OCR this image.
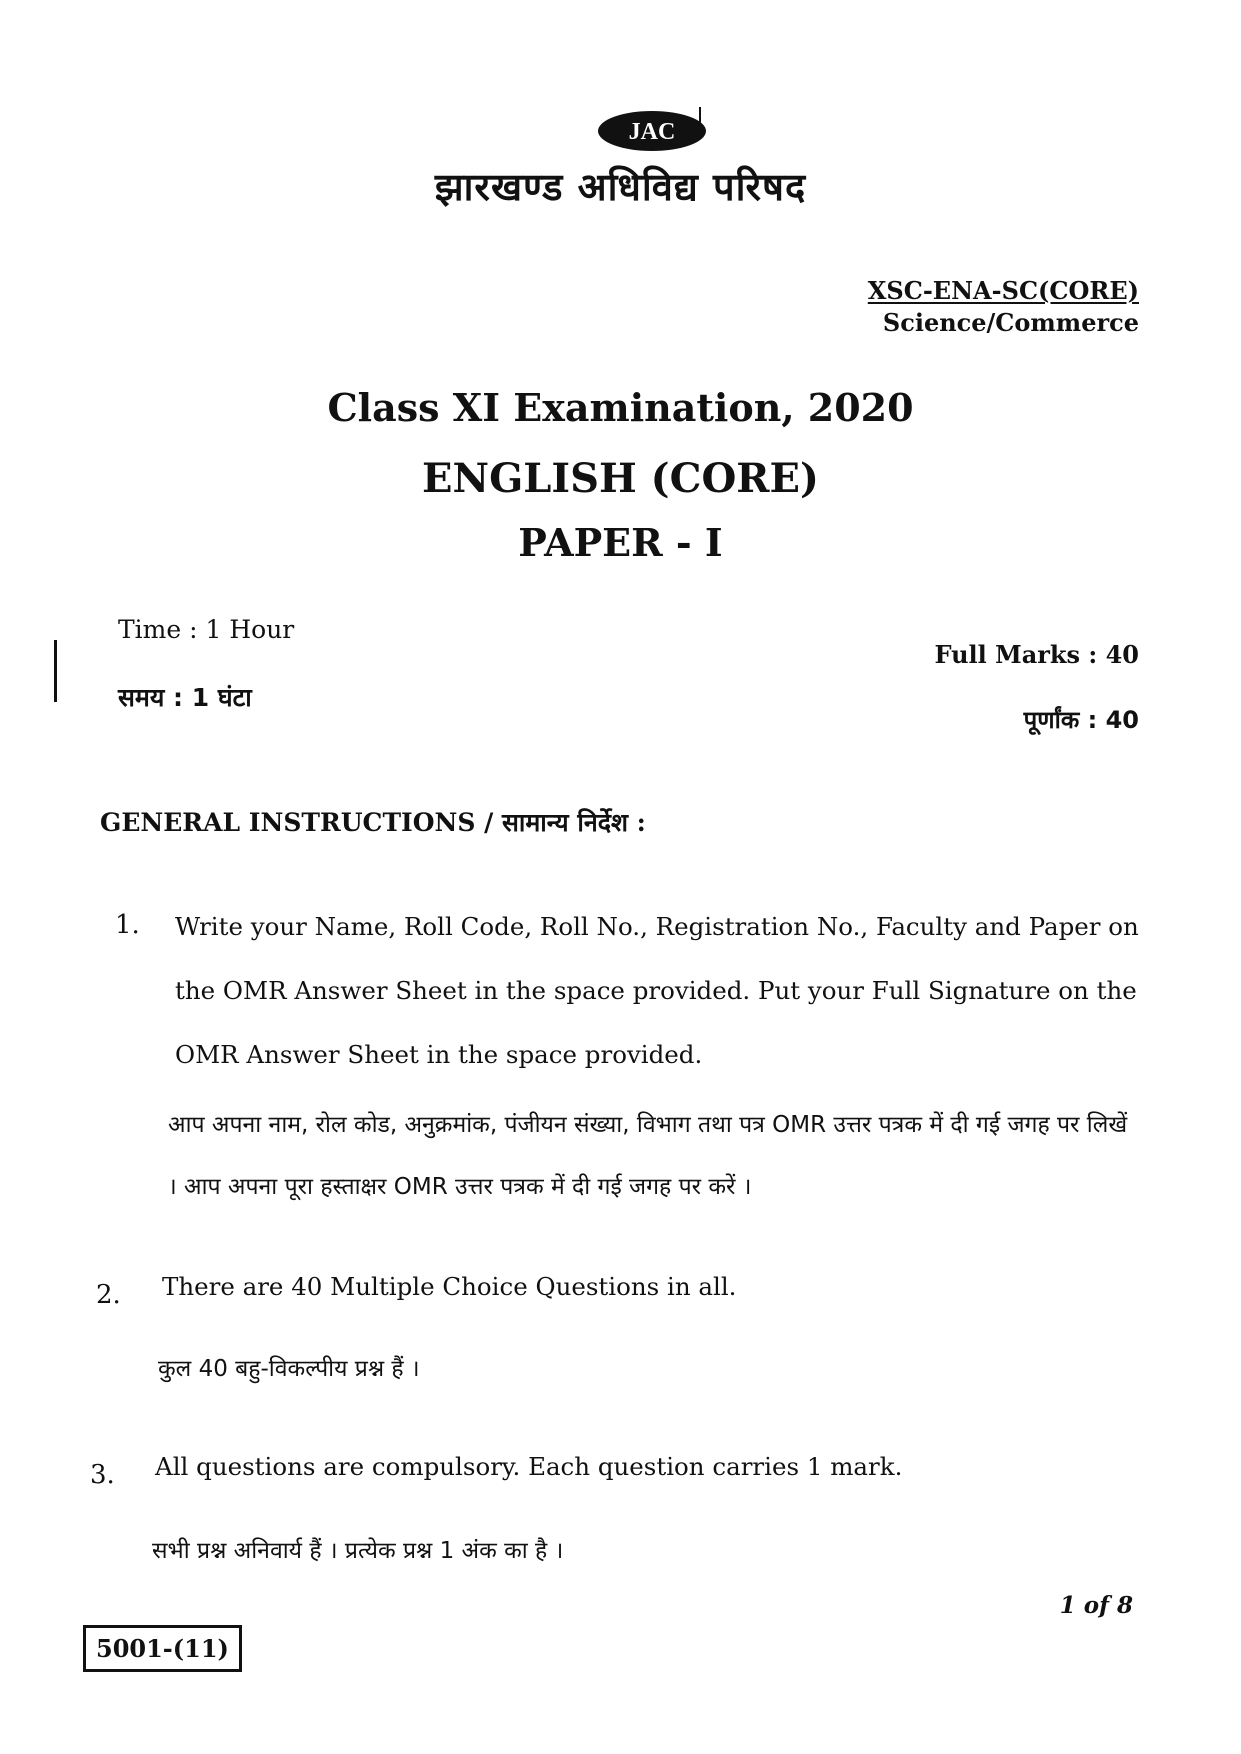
JAC
झारखण्ड अधिविद्य परिषद
XSC-ENA-SC(CORE)
Science/Commerce
Class XI Examination, 2020
ENGLISH (CORE)
PAPER - I
Time : 1 Hour
समय : 1 घंटा
Full Marks : 40
पूर्णांक : 40
GENERAL INSTRUCTIONS / सामान्य निर्देश :
1. Write your Name, Roll Code, Roll No., Registration No., Faculty and Paper on the OMR Answer Sheet in the space provided. Put your Full Signature on the OMR Answer Sheet in the space provided.
आप अपना नाम, रोल कोड, अनुक्रमांक, पंजीयन संख्या, विभाग तथा पत्र OMR उत्तर पत्रक में दी गई जगह पर लिखें । आप अपना पूरा हस्ताक्षर OMR उत्तर पत्रक में दी गई जगह पर करें ।
2. There are 40 Multiple Choice Questions in all.
कुल 40 बहु-विकल्पीय प्रश्न हैं ।
3. All questions are compulsory. Each question carries 1 mark.
सभी प्रश्न अनिवार्य हैं । प्रत्येक प्रश्न 1 अंक का है ।
1 of 8
5001-(11)
